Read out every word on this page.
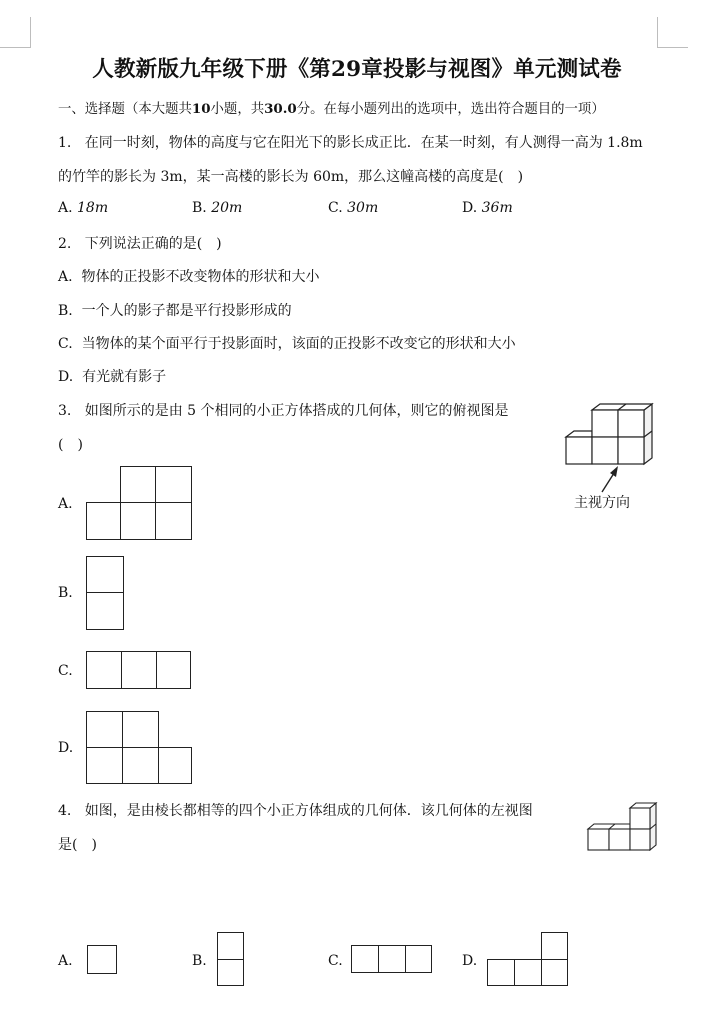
人教新版九年级下册《第29章投影与视图》单元测试卷
一、选择题（本大题共10小题，共30.0分。在每小题列出的选项中，选出符合题目的一项）
1. 在同一时刻，物体的高度与它在阳光下的影长成正比．在某一时刻，有人测得一高为 1.8m
的竹竿的影长为 3m，某一高楼的影长为 60m，那么这幢高楼的高度是(　)
A. 18m	B. 20m	C. 30m	D. 36m
2. 下列说法正确的是(　)
A. 物体的正投影不改变物体的形状和大小
B. 一个人的影子都是平行投影形成的
C. 当物体的某个面平行于投影面时，该面的正投影不改变它的形状和大小
D. 有光就有影子
3. 如图所示的是由 5 个相同的小正方体搭成的几何体，则它的俯视图是
(　)
主视方向
A.
B.
C.
D.
4. 如图，是由棱长都相等的四个小正方体组成的几何体．该几何体的左视图
是(　)
A.	B.	C.	D.
